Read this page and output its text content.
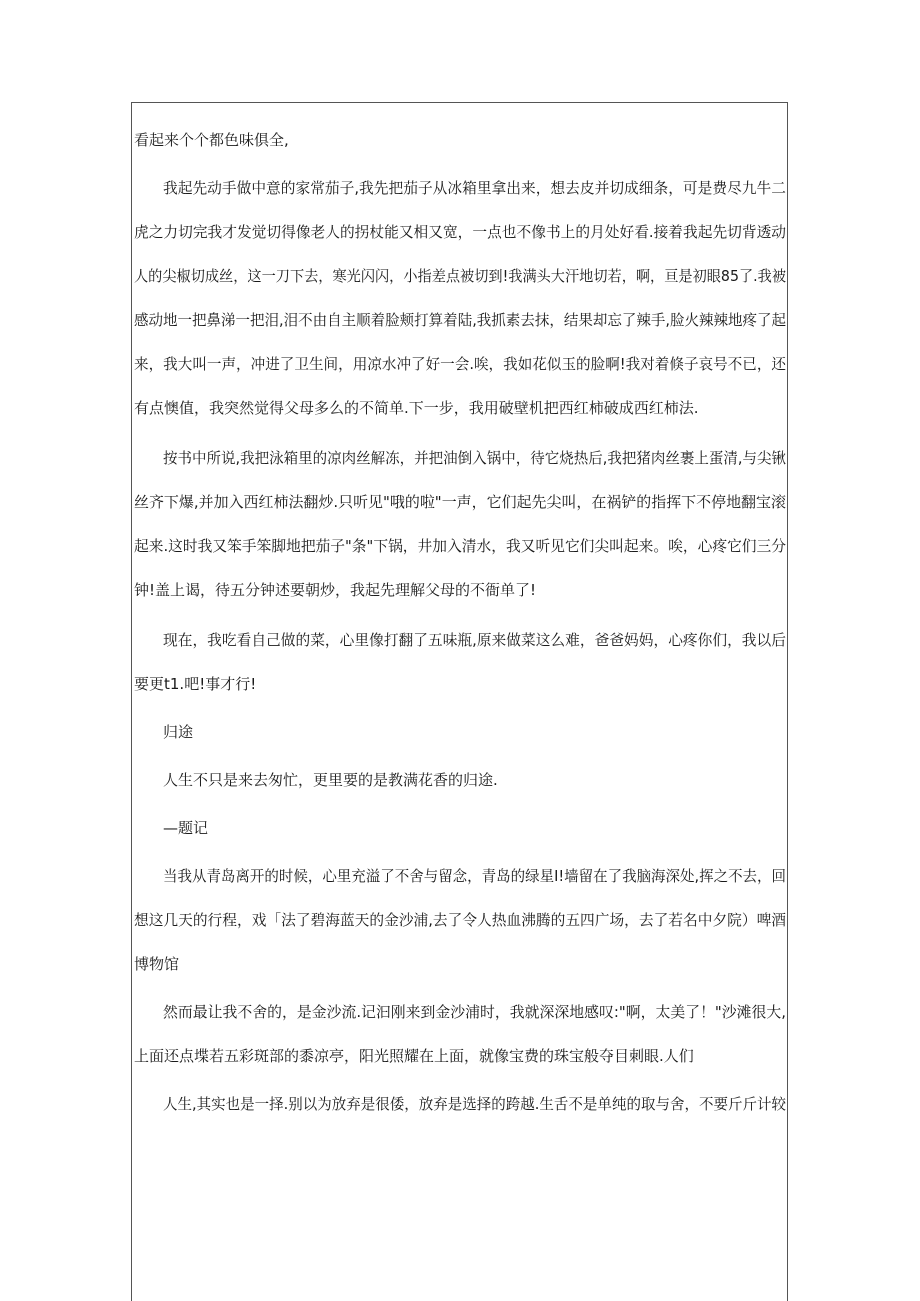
看起来个个都色味俱全,
我起先动手做中意的家常茄子,我先把茄子从冰箱里拿出来，想去皮并切成细条，可是费尽九牛二
虎之力切完我才发觉切得像老人的拐杖能又相又宽，一点也不像书上的月处好看.接着我起先切背透动
人的尖椒切成丝，这一刀下去，寒光闪闪，小指差点被切到!我满头大汗地切若，啊，亘是初眼85了.我被
感动地一把鼻涕一把泪,泪不由自主顺着脸颊打算着陆,我抓素去抹，结果却忘了辣手,脸火辣辣地疼了起
来，我大叫一声，冲进了卫生间，用凉水冲了好一会.唉，我如花似玉的脸啊!我对着倏子哀号不已，还
有点懊值，我突然觉得父母多么的不简单.下一步，我用破壁机把西红柿破成西红柿法.
按书中所说,我把泳箱里的凉肉丝解冻，并把油倒入锅中，待它烧热后,我把猪肉丝裹上蛋清,与尖锹
丝齐下爆,并加入西红柿法翻炒.只听见"哦的啦"一声，它们起先尖叫，在祸铲的指挥下不停地翻宝滚
起来.这时我又笨手笨脚地把茄子"条"下锅，井加入清水，我又听见它们尖叫起来。唉，心疼它们三分
钟!盖上谒，待五分钟述要朝炒，我起先理解父母的不衙单了!
现在，我吃看自己做的菜，心里像打翻了五味瓶,原来做菜这么难，爸爸妈妈，心疼你们，我以后
要更t1.吧!事才行!
归途
人生不只是来去匆忙，更里要的是教满花香的归途.
—题记
当我从青岛离开的时候，心里充溢了不舍与留念，青岛的绿星I!墙留在了我脑海深处,挥之不去，回
想这几天的行程，戏「法了碧海蓝天的金沙浦,去了令人热血沸腾的五四广场，去了若名中夕院）啤酒
博物馆
然而最让我不舍的，是金沙流.记汩刚来到金沙浦时，我就深深地感叹:"啊，太美了！"沙滩很大,
上面还点堞若五彩斑部的黍凉亭，阳光照耀在上面，就像宝费的珠宝般夺目刺眼.人们
人生,其实也是一择.别以为放弃是很倭，放弃是选择的跨越.生舌不是单纯的取与舍，不要斤斤计较
